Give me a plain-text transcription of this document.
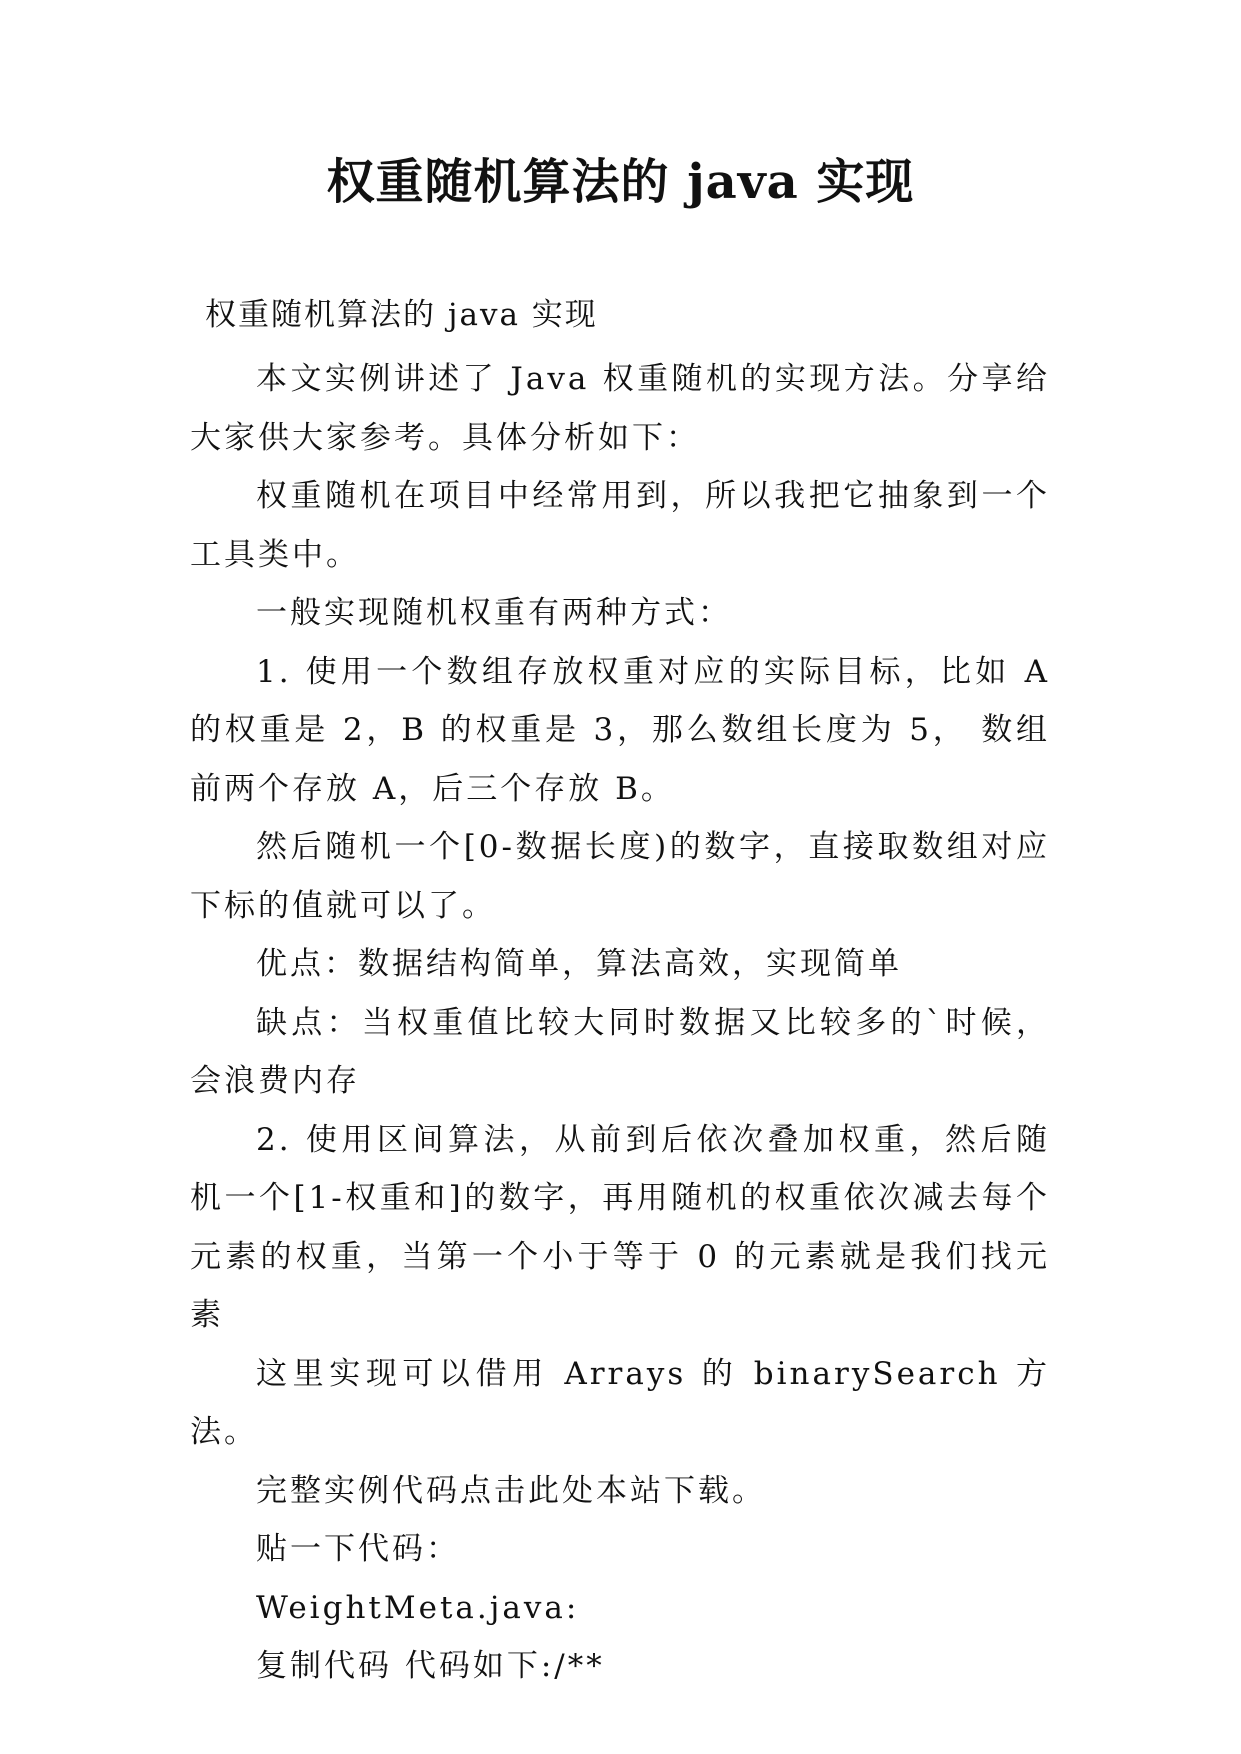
权重随机算法的 java 实现
权重随机算法的 java 实现

本文实例讲述了 Java 权重随机的实现方法。分享给大家供大家参考。具体分析如下：

权重随机在项目中经常用到，所以我把它抽象到一个工具类中。

一般实现随机权重有两种方式：

1. 使用一个数组存放权重对应的实际目标，比如 A 的权重是 2，B 的权重是 3，那么数组长度为 5， 数组前两个存放 A，后三个存放 B。

然后随机一个[0-数据长度)的数字，直接取数组对应下标的值就可以了。

优点：数据结构简单，算法高效，实现简单

缺点：当权重值比较大同时数据又比较多的`时候，会浪费内存

2. 使用区间算法，从前到后依次叠加权重，然后随机一个[1-权重和]的数字，再用随机的权重依次减去每个元素的权重，当第一个小于等于 0 的元素就是我们找元素

这里实现可以借用 Arrays 的 binarySearch 方法。

完整实例代码点击此处本站下载。

贴一下代码：

WeightMeta.java:

复制代码 代码如下:/**
